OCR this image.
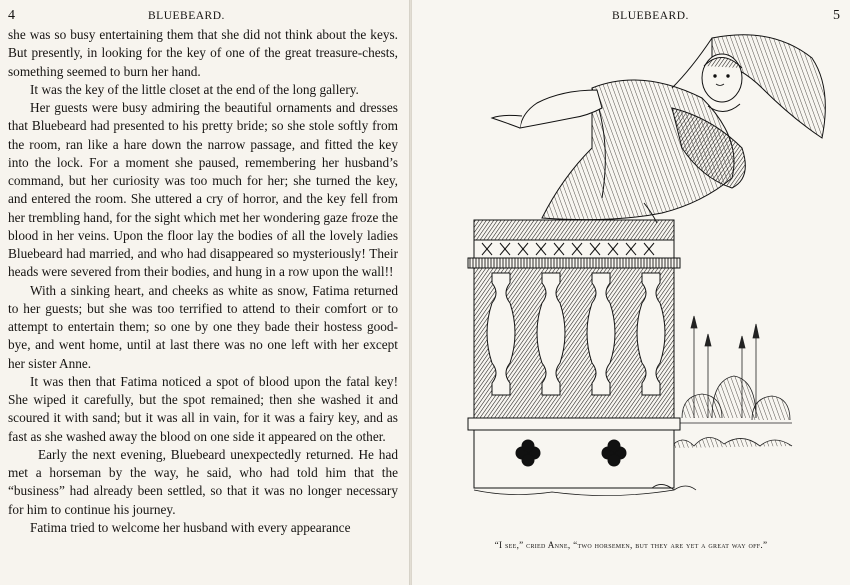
4	BLUEBEARD.

she was so busy entertaining them that she did not think about the keys. But presently, in looking for the key of one of the great treasure-chests, something seemed to burn her hand.

It was the key of the little closet at the end of the long gallery.

Her guests were busy admiring the beautiful ornaments and dresses that Bluebeard had presented to his pretty bride; so she stole softly from the room, ran like a hare down the narrow passage, and fitted the key into the lock. For a moment she paused, remembering her husband’s command, but her curiosity was too much for her; she turned the key, and entered the room. She uttered a cry of horror, and the key fell from her trembling hand, for the sight which met her wondering gaze froze the blood in her veins. Upon the floor lay the bodies of all the lovely ladies Bluebeard had married, and who had disappeared so mysteriously! Their heads were severed from their bodies, and hung in a row upon the wall!!

With a sinking heart, and cheeks as white as snow, Fatima returned to her guests; but she was too terrified to attend to their comfort or to attempt to entertain them; so one by one they bade their hostess good-bye, and went home, until at last there was no one left with her except her sister Anne.

It was then that Fatima noticed a spot of blood upon the fatal key! She wiped it carefully, but the spot remained; then she washed it and scoured it with sand; but it was all in vain, for it was a fairy key, and as fast as she washed away the blood on one side it appeared on the other.

Early the next evening, Bluebeard unexpectedly returned. He had met a horseman by the way, he said, who had told him that the “business” had already been settled, so that it was no longer necessary for him to continue his journey.

Fatima tried to welcome her husband with every appearance

BLUEBEARD.	5
“I see,” cried Anne, “two horsemen, but they are yet a great way off.”
